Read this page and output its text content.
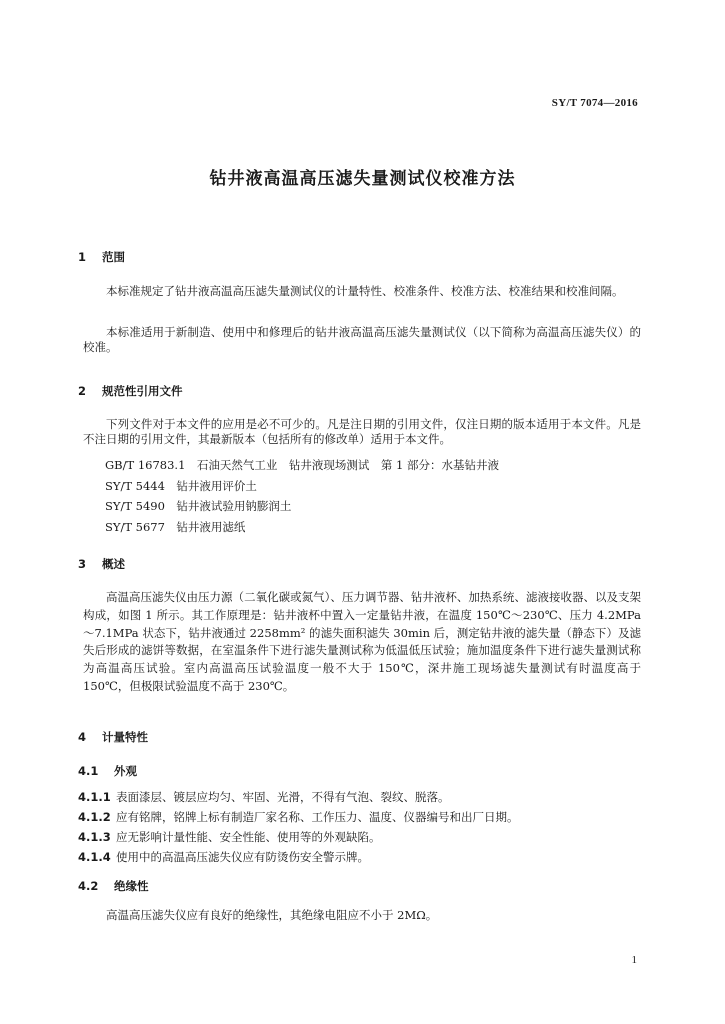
SY/T 7074—2016
钻井液高温高压滤失量测试仪校准方法
1 范围
本标准规定了钻井液高温高压滤失量测试仪的计量特性、校准条件、校准方法、校准结果和校准间隔。
本标准适用于新制造、使用中和修理后的钻井液高温高压滤失量测试仪（以下简称为高温高压滤失仪）的校准。
2 规范性引用文件
下列文件对于本文件的应用是必不可少的。凡是注日期的引用文件，仅注日期的版本适用于本文件。凡是不注日期的引用文件，其最新版本（包括所有的修改单）适用于本文件。
GB/T 16783.1　石油天然气工业　钻井液现场测试　第 1 部分：水基钻井液
SY/T 5444　钻井液用评价土
SY/T 5490　钻井液试验用钠膨润土
SY/T 5677　钻井液用滤纸
3 概述
高温高压滤失仪由压力源（二氧化碳或氮气）、压力调节器、钻井液杯、加热系统、滤液接收器、以及支架构成，如图 1 所示。其工作原理是：钻井液杯中置入一定量钻井液，在温度 150℃～230℃、压力 4.2MPa～7.1MPa 状态下，钻井液通过 2258mm² 的滤失面积滤失 30min 后，测定钻井液的滤失量（静态下）及滤失后形成的滤饼等数据，在室温条件下进行滤失量测试称为低温低压试验；施加温度条件下进行滤失量测试称为高温高压试验。室内高温高压试验温度一般不大于 150℃，深井施工现场滤失量测试有时温度高于 150℃，但极限试验温度不高于 230℃。
4 计量特性
4.1 外观
4.1.1 表面漆层、镀层应均匀、牢固、光滑，不得有气泡、裂纹、脱落。
4.1.2 应有铭牌，铭牌上标有制造厂家名称、工作压力、温度、仪器编号和出厂日期。
4.1.3 应无影响计量性能、安全性能、使用等的外观缺陷。
4.1.4 使用中的高温高压滤失仪应有防烫伤安全警示牌。
4.2 绝缘性
高温高压滤失仪应有良好的绝缘性，其绝缘电阻应不小于 2MΩ。
1
